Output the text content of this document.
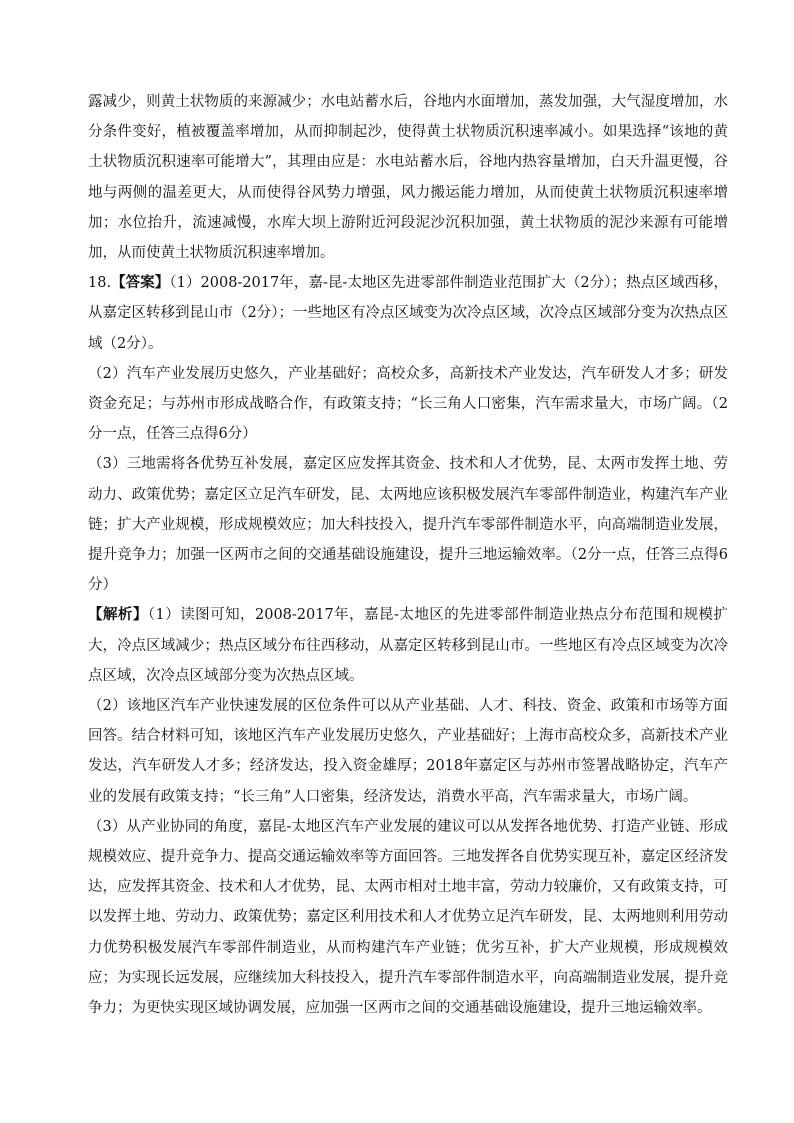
露减少，则黄土状物质的来源减少；水电站蓄水后，谷地内水面增加，蒸发加强，大气湿度增加，水分条件变好，植被覆盖率增加，从而抑制起沙，使得黄土状物质沉积速率减小。如果选择“该地的黄土状物质沉积速率可能增大”，其理由应是：水电站蓄水后，谷地内热容量增加，白天升温更慢，谷地与两侧的温差更大，从而使得谷风势力增强，风力搬运能力增加，从而使黄土状物质沉积速率增加；水位抬升，流速减慢，水库大坝上游附近河段泥沙沉积加强，黄土状物质的泥沙来源有可能增加，从而使黄土状物质沉积速率增加。

18.【答案】（1）2008-2017年，嘉-昆-太地区先进零部件制造业范围扩大（2分）；热点区域西移，从嘉定区转移到昆山市（2分）；一些地区有冷点区域变为次冷点区域，次冷点区域部分变为次热点区域（2分）。

（2）汽车产业发展历史悠久，产业基础好；高校众多，高新技术产业发达，汽车研发人才多；研发资金充足；与苏州市形成战略合作，有政策支持；“长三角人口密集，汽车需求量大，市场广阔。（2分一点，任答三点得6分）

（3）三地需将各优势互补发展，嘉定区应发挥其资金、技术和人才优势，昆、太两市发挥土地、劳动力、政策优势；嘉定区立足汽车研发，昆、太两地应该积极发展汽车零部件制造业，构建汽车产业链；扩大产业规模，形成规模效应；加大科技投入，提升汽车零部件制造水平，向高端制造业发展，提升竞争力；加强一区两市之间的交通基础设施建设，提升三地运输效率。（2分一点，任答三点得6分）

【解析】（1）读图可知，2008-2017年，嘉昆-太地区的先进零部件制造业热点分布范围和规模扩大，冷点区域减少；热点区域分布往西移动，从嘉定区转移到昆山市。一些地区有冷点区域变为次冷点区域，次冷点区域部分变为次热点区域。

（2）该地区汽车产业快速发展的区位条件可以从产业基础、人才、科技、资金、政策和市场等方面回答。结合材料可知，该地区汽车产业发展历史悠久，产业基础好；上海市高校众多，高新技术产业发达，汽车研发人才多；经济发达，投入资金雄厚；2018年嘉定区与苏州市签署战略协定，汽车产业的发展有政策支持；“长三角”人口密集，经济发达，消费水平高，汽车需求量大，市场广阔。

（3）从产业协同的角度，嘉昆-太地区汽车产业发展的建议可以从发挥各地优势、打造产业链、形成规模效应、提升竞争力、提高交通运输效率等方面回答。三地发挥各自优势实现互补，嘉定区经济发达，应发挥其资金、技术和人才优势，昆、太两市相对土地丰富，劳动力较廉价，又有政策支持，可以发挥土地、劳动力、政策优势；嘉定区利用技术和人才优势立足汽车研发，昆、太两地则利用劳动力优势积极发展汽车零部件制造业，从而构建汽车产业链；优劣互补，扩大产业规模，形成规模效应；为实现长远发展，应继续加大科技投入，提升汽车零部件制造水平，向高端制造业发展，提升竞争力；为更快实现区域协调发展，应加强一区两市之间的交通基础设施建设，提升三地运输效率。
